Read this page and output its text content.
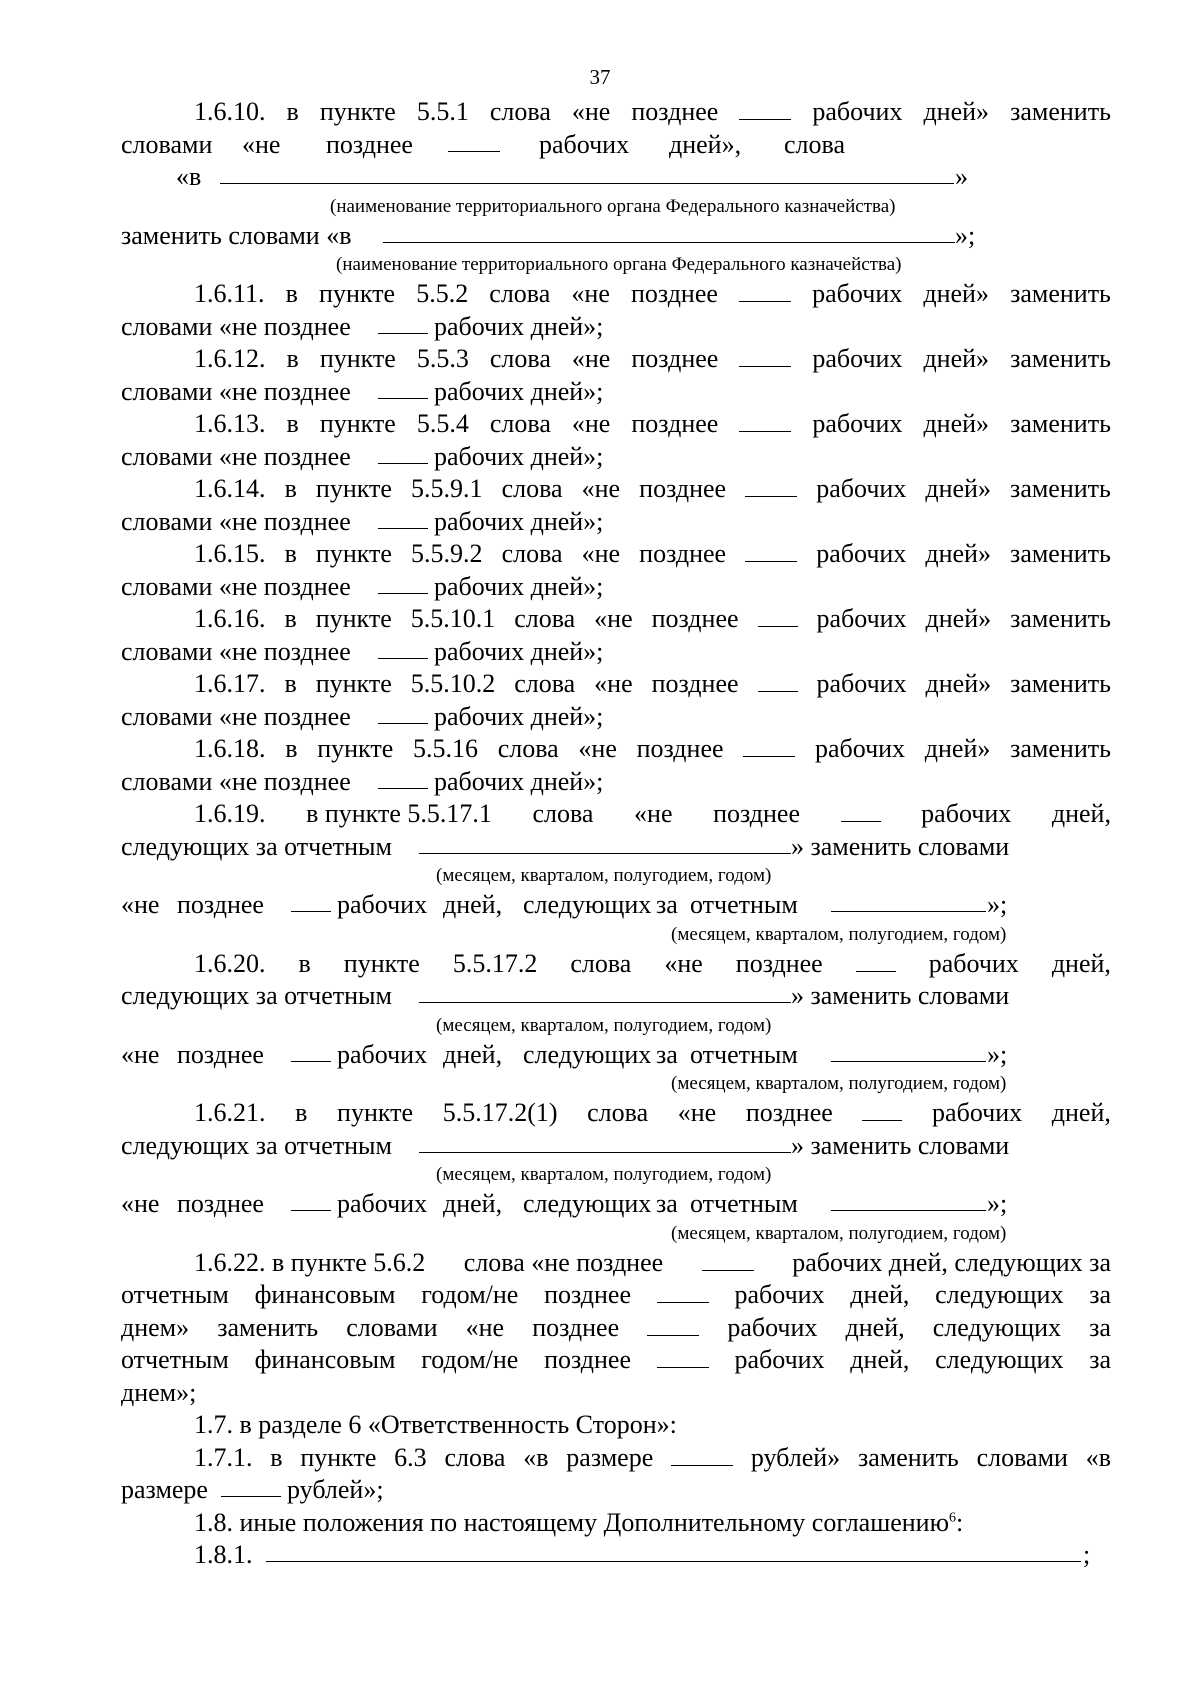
37
1.6.10. в пункте 5.5.1 слова «не позднее	рабочих дней» заменить
словами «не позднее	рабочих дней», слова
«в	»
(наименование территориального органа Федерального казначейства)
заменить словами «в	»;
(наименование территориального органа Федерального казначейства)
1.6.11. в пункте 5.5.2 слова «не позднее	рабочих дней» заменить
словами «не позднее	рабочих дней»;
1.6.12. в пункте 5.5.3 слова «не позднее	рабочих дней» заменить
словами «не позднее	рабочих дней»;
1.6.13. в пункте 5.5.4 слова «не позднее	рабочих дней» заменить
словами «не позднее	рабочих дней»;
1.6.14. в пункте 5.5.9.1 слова «не позднее	рабочих дней» заменить
словами «не позднее	рабочих дней»;
1.6.15. в пункте 5.5.9.2 слова «не позднее	рабочих дней» заменить
словами «не позднее	рабочих дней»;
1.6.16. в пункте 5.5.10.1 слова «не позднее	рабочих дней» заменить
словами «не позднее	рабочих дней»;
1.6.17. в пункте 5.5.10.2 слова «не позднее	рабочих дней» заменить
словами «не позднее	рабочих дней»;
1.6.18. в пункте 5.5.16 слова «не позднее	рабочих дней» заменить
словами «не позднее	рабочих дней»;
1.6.19. в пункте 5.5.17.1 слова «не позднее	рабочих дней,
следующих за отчетным	» заменить словами
(месяцем, кварталом, полугодием, годом)
«не позднее	рабочих дней, следующих за отчетным	»;
(месяцем, кварталом, полугодием, годом)
1.6.20. в пункте 5.5.17.2 слова «не позднее	рабочих дней,
следующих за отчетным	» заменить словами
(месяцем, кварталом, полугодием, годом)
«не позднее	рабочих дней, следующих за отчетным	»;
(месяцем, кварталом, полугодием, годом)
1.6.21. в пункте 5.5.17.2(1) слова «не позднее	рабочих дней,
следующих за отчетным	» заменить словами
(месяцем, кварталом, полугодием, годом)
«не позднее	рабочих дней, следующих за отчетным	»;
(месяцем, кварталом, полугодием, годом)
1.6.22. в пункте 5.6.2 слова «не позднее	рабочих дней, следующих за
отчетным финансовым годом/не позднее	рабочих дней, следующих за
днем» заменить словами «не позднее	рабочих дней, следующих за
отчетным финансовым годом/не позднее	рабочих дней, следующих за
днем»;
1.7. в разделе 6 «Ответственность Сторон»:
1.7.1. в пункте 6.3 слова «в размере	рублей» заменить словами «в
размере	рублей»;
1.8. иные положения по настоящему Дополнительному соглашению$^6$:
1.8.1.	;
